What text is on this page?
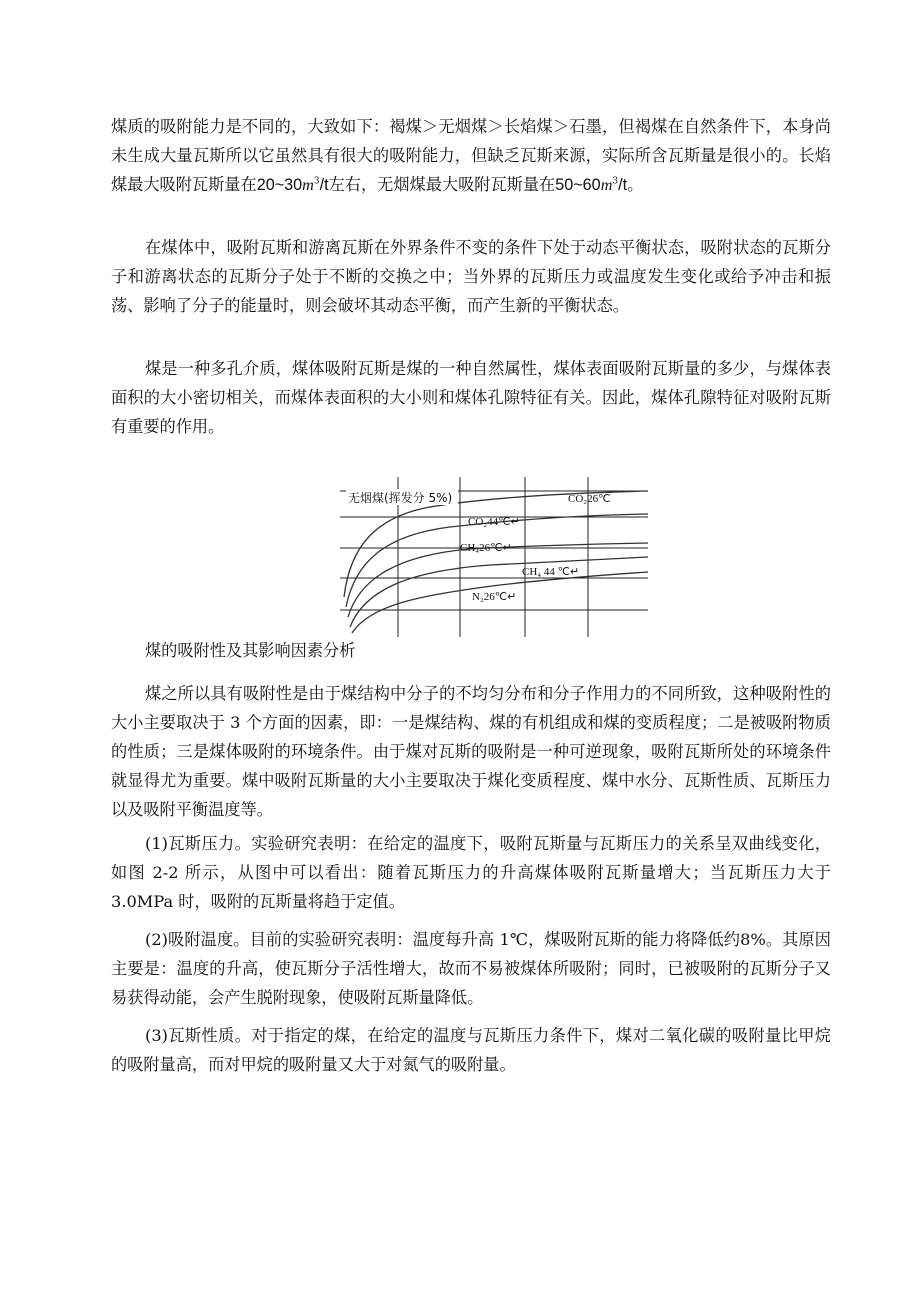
煤质的吸附能力是不同的，大致如下：褐煤＞无烟煤＞长焰煤＞石墨，但褐煤在自然条件下，本身尚未生成大量瓦斯所以它虽然具有很大的吸附能力，但缺乏瓦斯来源，实际所含瓦斯量是很小的。长焰煤最大吸附瓦斯量在$20\sim 30m^3/t$左右，无烟煤最大吸附瓦斯量在$50\sim 60m^3/t$。

在煤体中，吸附瓦斯和游离瓦斯在外界条件不变的条件下处于动态平衡状态，吸附状态的瓦斯分子和游离状态的瓦斯分子处于不断的交换之中；当外界的瓦斯压力或温度发生变化或给予冲击和振荡、影响了分子的能量时，则会破坏其动态平衡，而产生新的平衡状态。

煤是一种多孔介质，煤体吸附瓦斯是煤的一种自然属性，煤体表面吸附瓦斯量的多少，与煤体表面积的大小密切相关，而煤体表面积的大小则和煤体孔隙特征有关。因此，煤体孔隙特征对吸附瓦斯有重要的作用。

无烟煤(挥发分 5%)	CO₂26℃
CO₂44℃↵
CH₄26℃↵
CH₄ 44 ℃↵
N₂26℃↵
煤的吸附性及其影响因素分析

煤之所以具有吸附性是由于煤结构中分子的不均匀分布和分子作用力的不同所致，这种吸附性的大小主要取决于 3 个方面的因素，即：一是煤结构、煤的有机组成和煤的变质程度；二是被吸附物质的性质；三是煤体吸附的环境条件。由于煤对瓦斯的吸附是一种可逆现象，吸附瓦斯所处的环境条件就显得尤为重要。煤中吸附瓦斯量的大小主要取决于煤化变质程度、煤中水分、瓦斯性质、瓦斯压力以及吸附平衡温度等。

(1)瓦斯压力。实验研究表明：在给定的温度下，吸附瓦斯量与瓦斯压力的关系呈双曲线变化，如图 2-2 所示，从图中可以看出：随着瓦斯压力的升高煤体吸附瓦斯量增大；当瓦斯压力大于 3.0MPa 时，吸附的瓦斯量将趋于定值。

(2)吸附温度。目前的实验研究表明：温度每升高 1℃，煤吸附瓦斯的能力将降低约8%。其原因主要是：温度的升高，使瓦斯分子活性增大，故而不易被煤体所吸附；同时，已被吸附的瓦斯分子又易获得动能，会产生脱附现象，使吸附瓦斯量降低。

(3)瓦斯性质。对于指定的煤，在给定的温度与瓦斯压力条件下，煤对二氧化碳的吸附量比甲烷的吸附量高，而对甲烷的吸附量又大于对氮气的吸附量。
